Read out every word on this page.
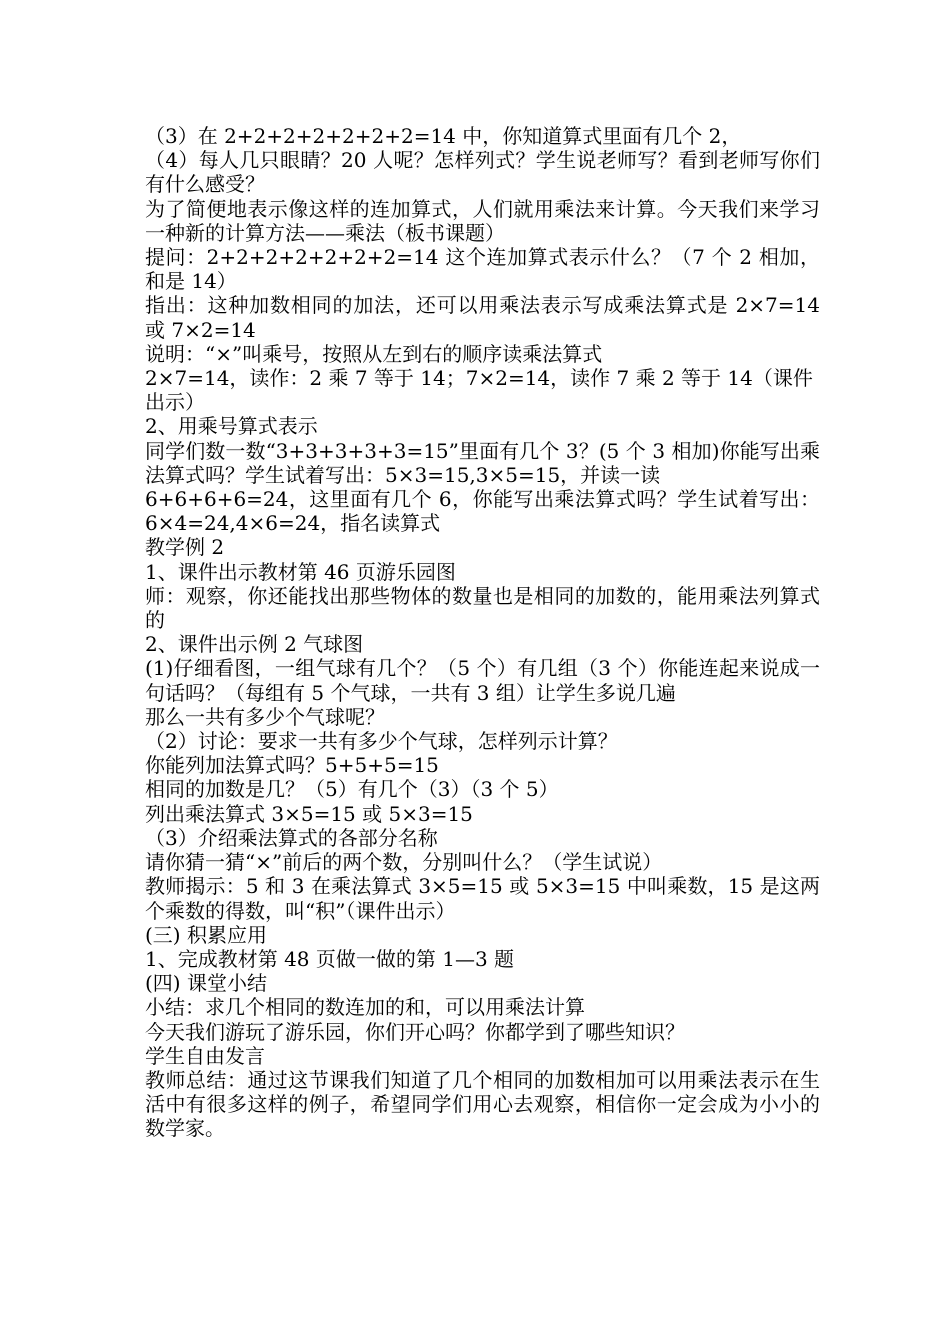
（3）在 2+2+2+2+2+2+2=14 中，你知道算式里面有几个 2，

（4）每人几只眼睛？20 人呢？怎样列式？学生说老师写？看到老师写你们有什么感受？

为了简便地表示像这样的连加算式，人们就用乘法来计算。今天我们来学习一种新的计算方法——乘法（板书课题）

提问：2+2+2+2+2+2+2=14 这个连加算式表示什么？（7 个 2 相加，和是 14）

指出：这种加数相同的加法，还可以用乘法表示写成乘法算式是 2×7=14 或 7×2=14

说明：“×”叫乘号，按照从左到右的顺序读乘法算式

2×7=14，读作：2 乘 7 等于 14；7×2=14，读作 7 乘 2 等于 14（课件出示）

2、用乘号算式表示

同学们数一数“3+3+3+3+3=15”里面有几个 3？(5 个 3 相加)你能写出乘法算式吗？学生试着写出：5×3=15,3×5=15，并读一读

6+6+6+6=24，这里面有几个 6，你能写出乘法算式吗？学生试着写出：6×4=24,4×6=24，指名读算式

教学例 2

1、课件出示教材第 46 页游乐园图

师：观察，你还能找出那些物体的数量也是相同的加数的，能用乘法列算式的

2、课件出示例 2 气球图

(1)仔细看图，一组气球有几个？（5 个）有几组（3 个）你能连起来说成一句话吗？（每组有 5 个气球，一共有 3 组）让学生多说几遍

那么一共有多少个气球呢？

（2）讨论：要求一共有多少个气球，怎样列示计算？

你能列加法算式吗？5+5+5=15

相同的加数是几？（5）有几个（3）（3 个 5）

列出乘法算式 3×5=15 或 5×3=15

（3）介绍乘法算式的各部分名称

请你猜一猜“×”前后的两个数，分别叫什么？（学生试说）

教师揭示：5 和 3 在乘法算式 3×5=15 或 5×3=15 中叫乘数，15 是这两个乘数的得数，叫“积”（课件出示）

(三) 积累应用

1、完成教材第 48 页做一做的第 1—3 题

(四) 课堂小结

小结：求几个相同的数连加的和，可以用乘法计算

今天我们游玩了游乐园，你们开心吗？你都学到了哪些知识？

学生自由发言

教师总结：通过这节课我们知道了几个相同的加数相加可以用乘法表示在生活中有很多这样的例子，希望同学们用心去观察，相信你一定会成为小小的数学家。
